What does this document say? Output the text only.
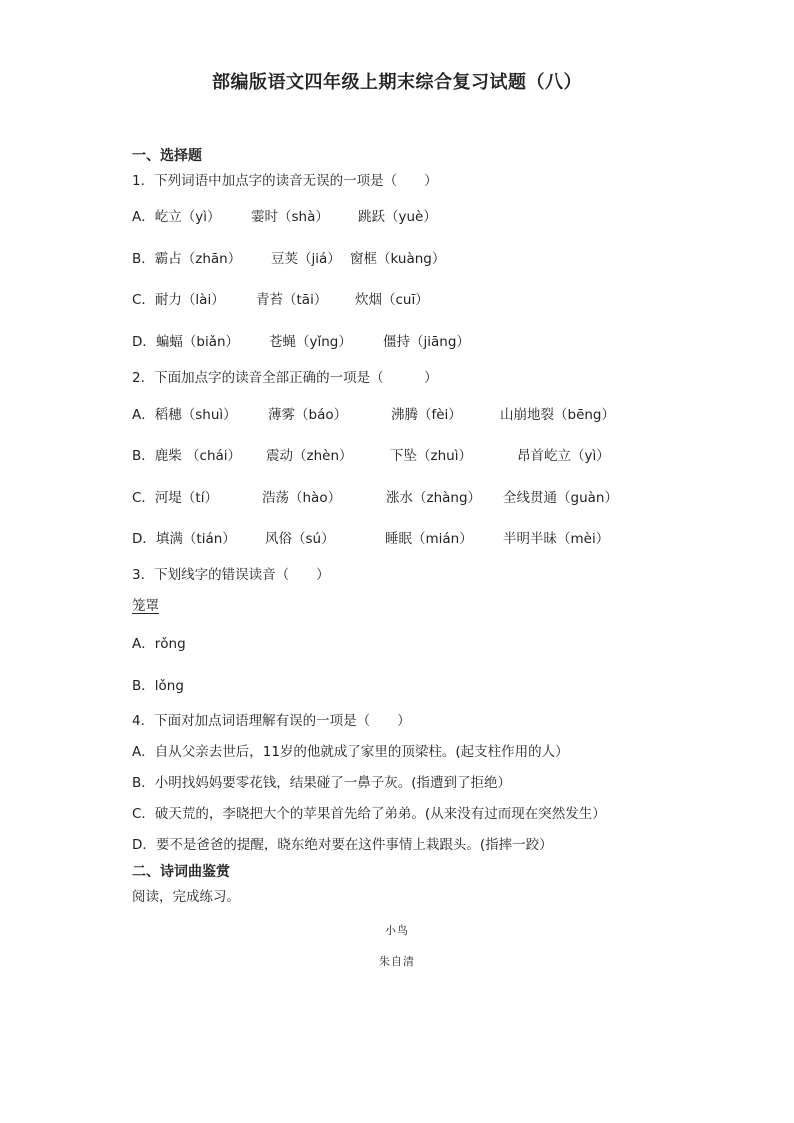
部编版语文四年级上期末综合复习试题（八）
一、选择题
1．下列词语中加点字的读音无误的一项是（　　）
A．屹立（yì） 霎时（shà） 跳跃（yuè）
B．霸占（zhān） 豆荚（jiá） 窗框（kuàng）
C．耐力（lài） 青苔（tāi） 炊烟（cuī）
D．蝙蝠（biǎn） 苍蝇（yǐng） 僵持（jiāng）
2．下面加点字的读音全部正确的一项是（　　　）
A．稻穗（shuì） 薄雾（báo）	沸腾（fèi）	山崩地裂（bēng）
B．鹿柴 （chái） 震动（zhèn）	下坠（zhuì）	昂首屹立（yì）
C．河堤（tí）	浩荡（hào）	涨水（zhàng） 全线贯通（guàn）
D．填满（tián） 风俗（sú）	睡眠（mián） 半明半昧（mèi）
3．下划线字的错误读音（　　）
笼罩
A．rǒng
B．lǒng
4．下面对加点词语理解有误的一项是（　　）
A．自从父亲去世后，11岁的他就成了家里的顶梁柱。(起支柱作用的人）
B．小明找妈妈要零花钱，结果碰了一鼻子灰。(指遭到了拒绝）
C．破天荒的，李晓把大个的苹果首先给了弟弟。(从来没有过而现在突然发生）
D．要不是爸爸的提醒，晓东绝对要在这件事情上栽跟头。(指摔一跤）
二、诗词曲鉴赏
阅读，完成练习。
小鸟
朱自清
